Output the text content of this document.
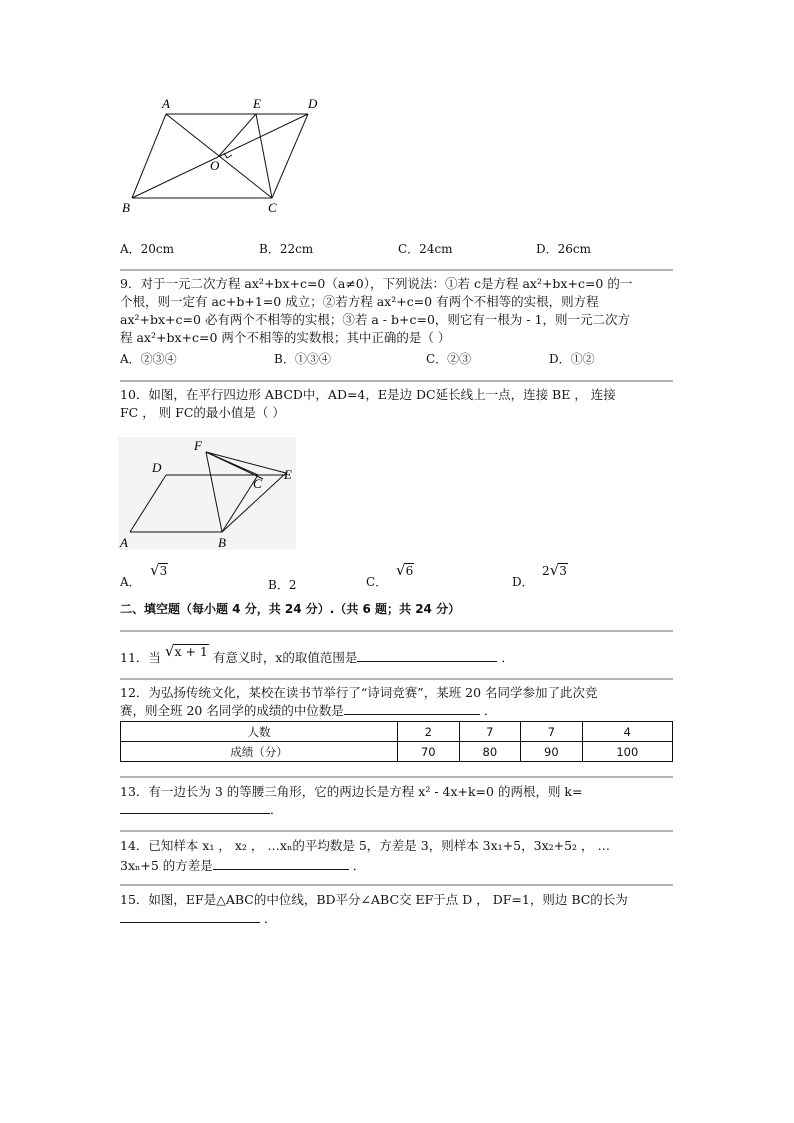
A	E	D
O
B	C
A．20cm	B．22cm	C．24cm	D．26cm
9．对于一元二次方程 ax²+bx+c=0（a≠0），下列说法：①若 c是方程 ax²+bx+c=0 的一
个根，则一定有 ac+b+1=0 成立；②若方程 ax²+c=0 有两个不相等的实根，则方程
ax²+bx+c=0 必有两个不相等的实根；③若 a - b+c=0，则它有一根为 - 1，则一元二次方
程 ax²+bx+c=0 两个不相等的实数根；其中正确的是（ ）
A．②③④	B．①③④	C．②③	D．①②
10．如图，在平行四边形 ABCD中，AD=4，E是边 DC延长线上一点，连接 BE ， 连接
FC ， 则 FC的最小值是（ ）
F
D
C
E
A	B
A．
√3
B．2	C．
√6
D．
2√3
二、填空题（每小题 4 分，共 24 分）.（共 6 题；共 24 分）
11．当 √x + 1 有意义时，x的取值范围是	．
12．为弘扬传统文化，某校在读书节举行了“诗词竞赛”，某班 20 名同学参加了此次竞
赛，则全班 20 名同学的成绩的中位数是	．
人数	2	7	7	4
成绩（分）	70	80	90	100
13．有一边长为 3 的等腰三角形，它的两边长是方程 x² - 4x+k=0 的两根，则 k=
．
14．已知样本 x₁ ， x₂ ， …xₙ的平均数是 5，方差是 3，则样本 3x₁+5，3x₂+5₂ ， …
3xₙ+5 的方差是	．
15．如图，EF是△ABC的中位线，BD平分∠ABC交 EF于点 D ， DF=1，则边 BC的长为
．
